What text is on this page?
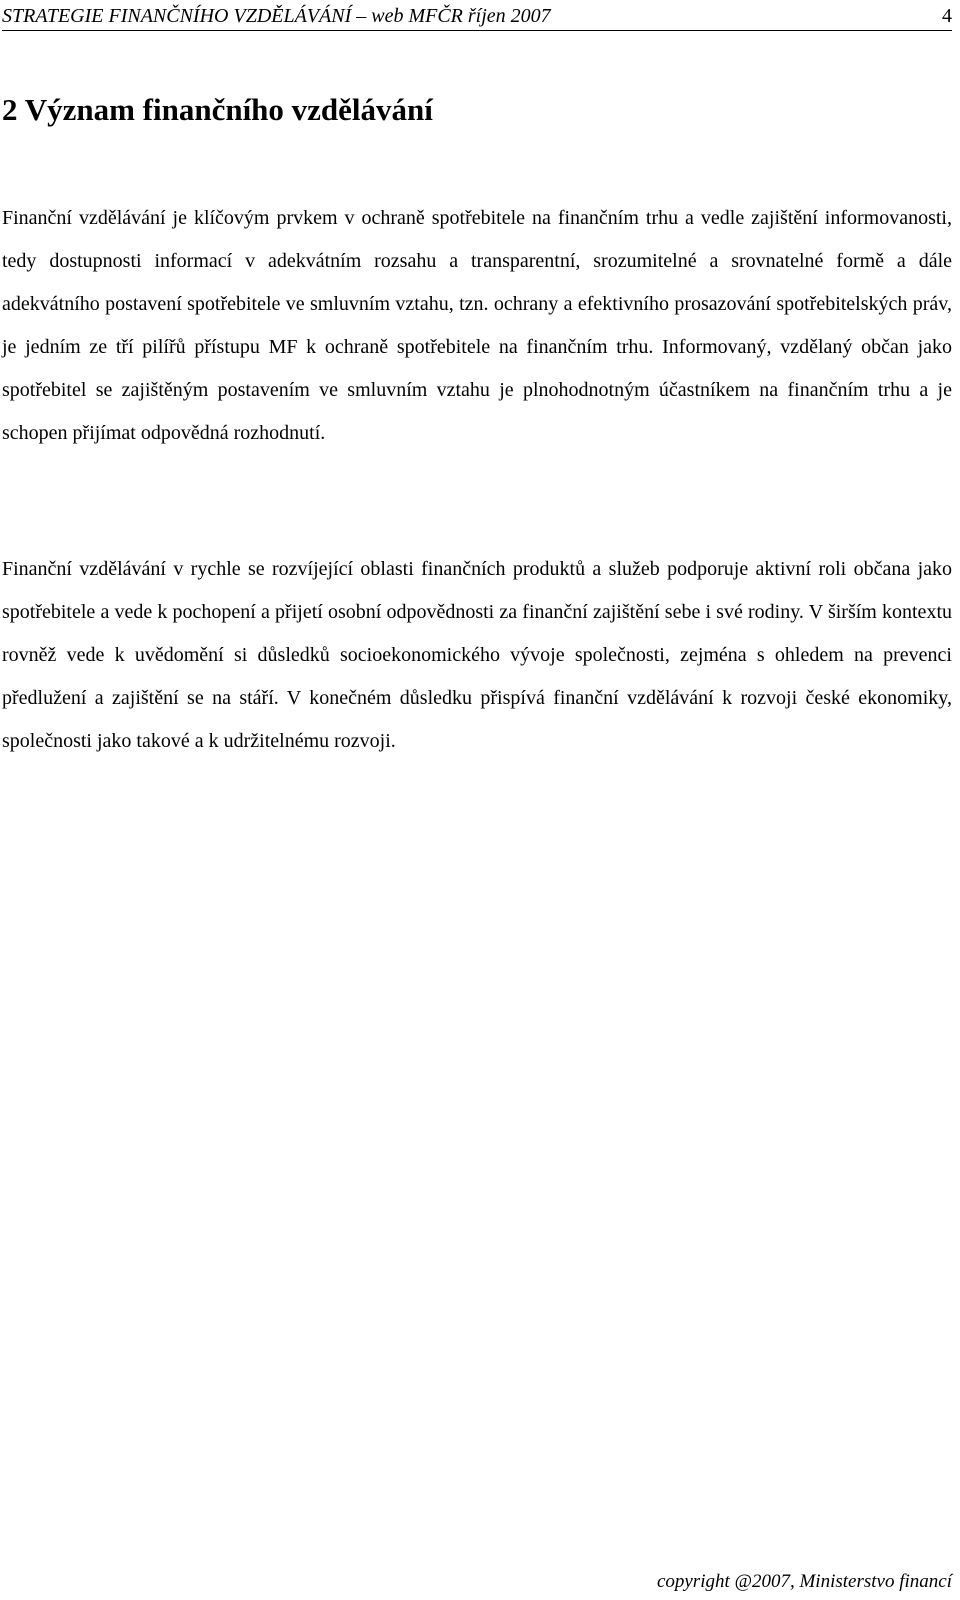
STRATEGIE FINANČNÍHO VZDĚLÁVÁNÍ – web MFČR říjen 2007	4
2 Význam finančního vzdělávání

Finanční vzdělávání je klíčovým prvkem v ochraně spotřebitele na finančním trhu a vedle zajištění informovanosti, tedy dostupnosti informací v adekvátním rozsahu a transparentní, srozumitelné a srovnatelné formě a dále adekvátního postavení spotřebitele ve smluvním vztahu, tzn. ochrany a efektivního prosazování spotřebitelských práv, je jedním ze tří pilířů přístupu MF k ochraně spotřebitele na finančním trhu. Informovaný, vzdělaný občan jako spotřebitel se zajištěným postavením ve smluvním vztahu je plnohodnotným účastníkem na finančním trhu a je schopen přijímat odpovědná rozhodnutí.

Finanční vzdělávání v rychle se rozvíjející oblasti finančních produktů a služeb podporuje aktivní roli občana jako spotřebitele a vede k pochopení a přijetí osobní odpovědnosti za finanční zajištění sebe i své rodiny. V širším kontextu rovněž vede k uvědomění si důsledků socioekonomického vývoje společnosti, zejména s ohledem na prevenci předlužení a zajištění se na stáří. V konečném důsledku přispívá finanční vzdělávání k rozvoji české ekonomiky, společnosti jako takové a k udržitelnému rozvoji.

copyright @2007, Ministerstvo financí
